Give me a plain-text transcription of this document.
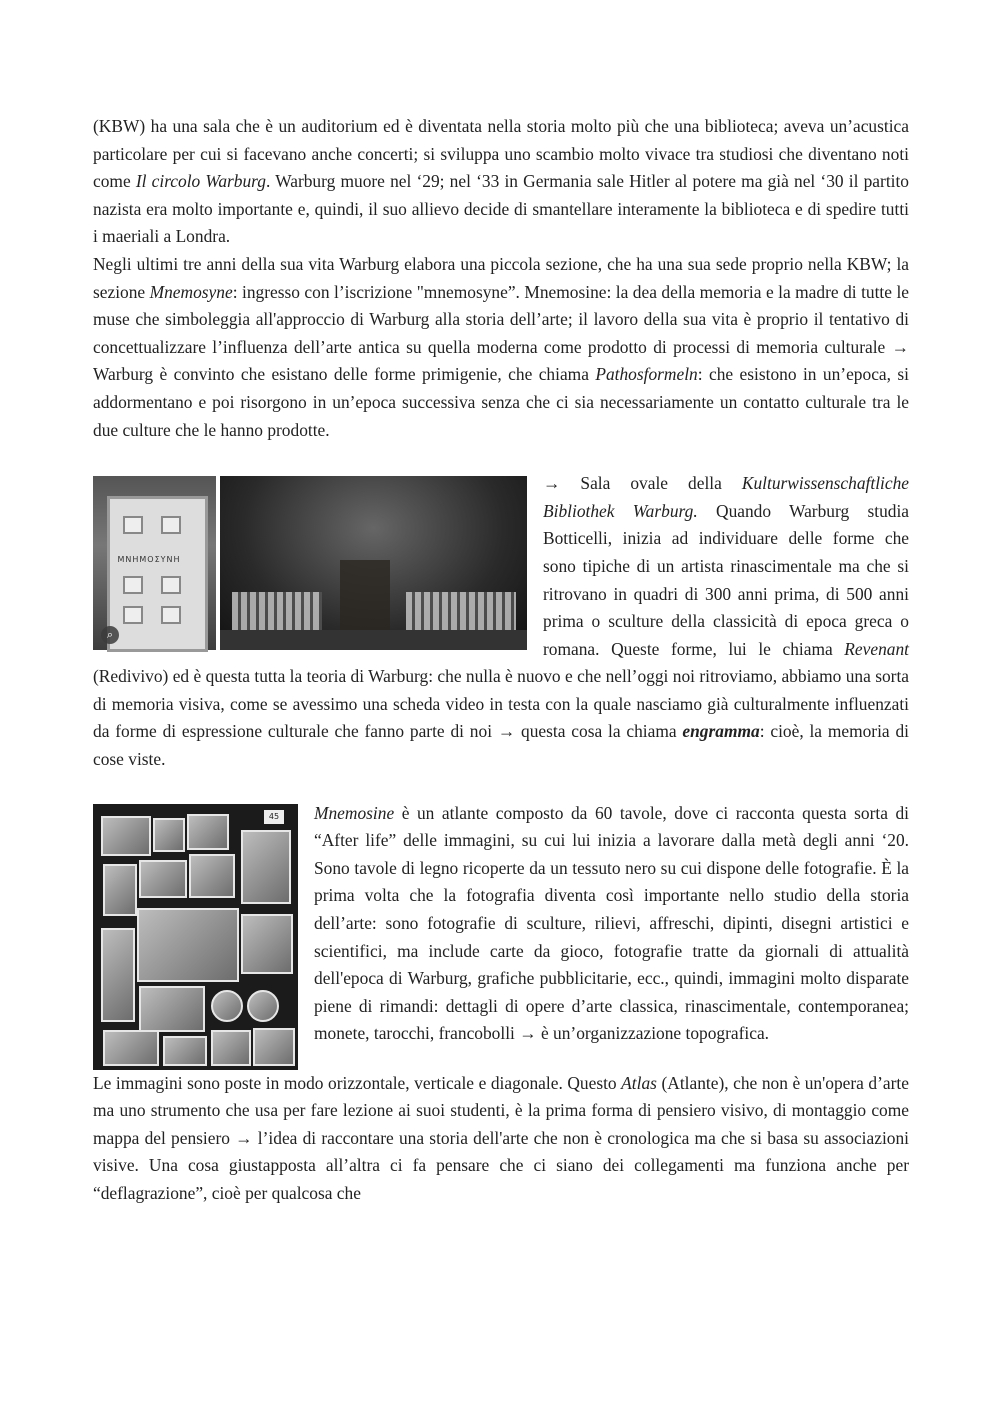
(KBW) ha una sala che è un auditorium ed è diventata nella storia molto più che una biblioteca; aveva un’acustica particolare per cui si facevano anche concerti; si sviluppa uno scambio molto vivace tra studiosi che diventano noti come Il circolo Warburg. Warburg muore nel ‘29; nel ‘33 in Germania sale Hitler al potere ma già nel ‘30 il partito nazista era molto importante e, quindi, il suo allievo decide di smantellare interamente la biblioteca e di spedire tutti i maeriali a Londra.

Negli ultimi tre anni della sua vita Warburg elabora una piccola sezione, che ha una sua sede proprio nella KBW; la sezione Mnemosyne: ingresso con l’iscrizione "mnemosyne”. Mnemosine: la dea della memoria e la madre di tutte le muse che simboleggia all'approccio di Warburg alla storia dell’arte; il lavoro della sua vita è proprio il tentativo di concettualizzare l’influenza dell’arte antica su quella moderna come prodotto di processi di memoria culturale → Warburg è convinto che esistano delle forme primigenie, che chiama Pathosformeln: che esistono in un’epoca, si addormentano e poi risorgono in un’epoca successiva senza che ci sia necessariamente un contatto culturale tra le due culture che le hanno prodotte.

ΜΝΗΜΟΣΥΝΗ
⌕

→ Sala ovale della Kulturwissenschaftliche Bibliothek Warburg. Quando Warburg studia Botticelli, inizia ad individuare delle forme che sono tipiche di un artista rinascimentale ma che si ritrovano in quadri di 300 anni prima, di 500 anni prima o sculture della classicità di epoca greca o romana. Queste forme, lui le chiama Revenant (Redivivo) ed è questa tutta la teoria di Warburg: che nulla è nuovo e che nell’oggi noi ritroviamo, abbiamo una sorta di memoria visiva, come se avessimo una scheda video in testa con la quale nasciamo già culturalmente influenzati da forme di espressione culturale che fanno parte di noi → questa cosa la chiama engramma: cioè, la memoria di cose viste.

45	Mnemosine è un atlante composto da 60 tavole, dove ci racconta questa sorta di “After life” delle immagini, su cui lui inizia a lavorare dalla metà degli anni ‘20. Sono tavole di legno ricoperte da un tessuto nero su cui dispone delle fotografie. È la prima volta che la fotografia diventa così importante nello studio della storia dell’arte: sono fotografie di sculture, rilievi, affreschi, dipinti, disegni artistici e scientifici, ma include carte da gioco, fotografie tratte da giornali di attualità dell'epoca di Warburg, grafiche pubblicitarie, ecc., quindi, immagini molto disparate piene di rimandi: dettagli di opere d’arte classica, rinascimentale, contemporanea; monete, tarocchi, francobolli → è un’organizzazione topografica.

Le immagini sono poste in modo orizzontale, verticale e diagonale. Questo Atlas (Atlante), che non è un'opera d’arte ma uno strumento che usa per fare lezione ai suoi studenti, è la prima forma di pensiero visivo, di montaggio come mappa del pensiero → l’idea di raccontare una storia dell'arte che non è cronologica ma che si basa su associazioni visive. Una cosa giustapposta all’altra ci fa pensare che ci siano dei collegamenti ma funziona anche per “deflagrazione”, cioè per qualcosa che
